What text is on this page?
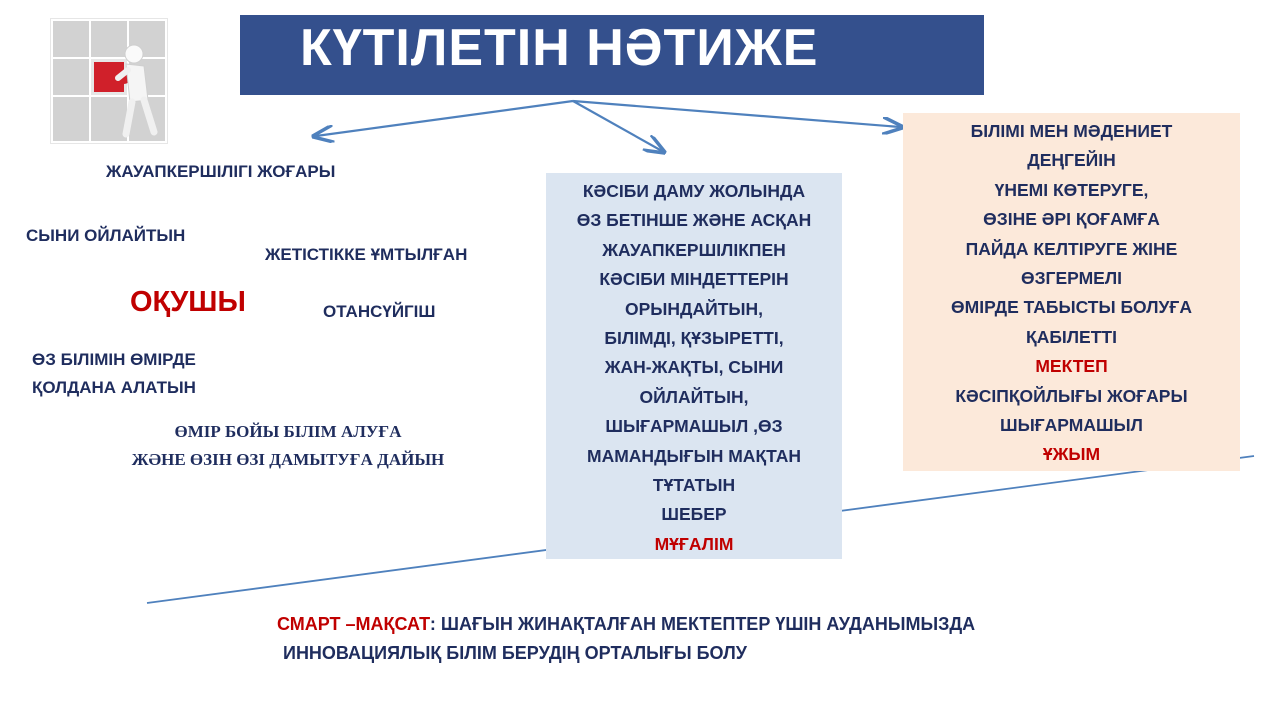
КҮТІЛЕТІН НӘТИЖЕ
ЖАУАПКЕРШІЛІГІ ЖОҒАРЫ
СЫНИ ОЙЛАЙТЫН
ЖЕТІСТІККЕ ҰМТЫЛҒАН
ОҚУШЫ	ОТАНСҮЙГІШ
ӨЗ БІЛІМІН ӨМІРДЕ
ҚОЛДАНА АЛАТЫН
ӨМІР БОЙЫ БІЛІМ АЛУҒА
ЖӘНЕ ӨЗІН ӨЗІ ДАМЫТУҒА ДАЙЫН
КӘСІБИ ДАМУ ЖОЛЫНДА
ӨЗ БЕТІНШЕ ЖӘНЕ АСҚАН
ЖАУАПКЕРШІЛІКПЕН
КӘСІБИ МІНДЕТТЕРІН
ОРЫНДАЙТЫН,
БІЛІМДІ, ҚҰЗЫРЕТТІ,
ЖАН-ЖАҚТЫ, СЫНИ
ОЙЛАЙТЫН,
ШЫҒАРМАШЫЛ ,ӨЗ
МАМАНДЫҒЫН МАҚТАН
ТҰТАТЫН
ШЕБЕР
МҰҒАЛІМ
БІЛІМІ МЕН МӘДЕНИЕТ
ДЕҢГЕЙІН
ҮНЕМІ КӨТЕРУГЕ,
ӨЗІНЕ ӘРІ ҚОҒАМҒА
ПАЙДА КЕЛТІРУГЕ ЖІНЕ
ӨЗГЕРМЕЛІ
ӨМІРДЕ ТАБЫСТЫ БОЛУҒА
ҚАБІЛЕТТІ
МЕКТЕП
КӘСІПҚОЙЛЫҒЫ ЖОҒАРЫ
ШЫҒАРМАШЫЛ
ҰЖЫМ
СМАРТ –МАҚСАТ: ШАҒЫН ЖИНАҚТАЛҒАН МЕКТЕПТЕР ҮШІН АУДАНЫМЫЗДА
ИННОВАЦИЯЛЫҚ БІЛІМ БЕРУДІҢ ОРТАЛЫҒЫ БОЛУ
